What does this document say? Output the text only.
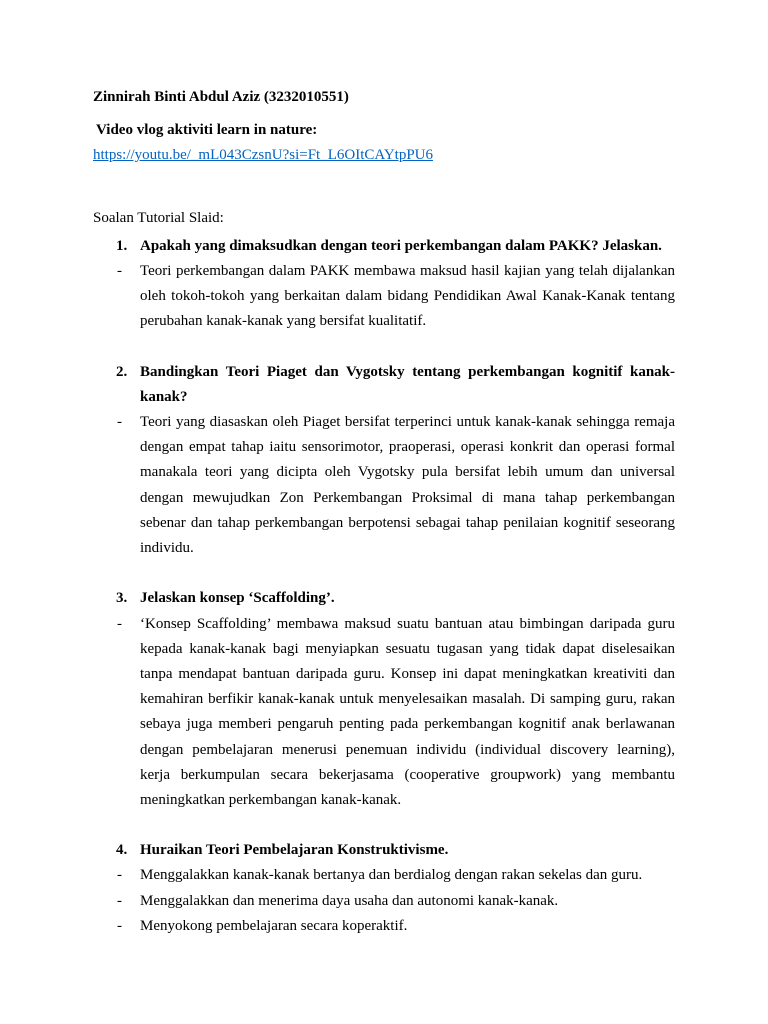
Zinnirah Binti Abdul Aziz (3232010551)
Video vlog aktiviti learn in nature:
https://youtu.be/_mL043CzsnU?si=Ft_L6OItCAYtpPU6
Soalan Tutorial Slaid:
1. Apakah yang dimaksudkan dengan teori perkembangan dalam PAKK? Jelaskan.
-	Teori perkembangan dalam PAKK membawa maksud hasil kajian yang telah dijalankan
oleh tokoh-tokoh yang berkaitan dalam bidang Pendidikan Awal Kanak-Kanak tentang
perubahan kanak-kanak yang bersifat kualitatif.
2. Bandingkan Teori Piaget dan Vygotsky tentang perkembangan kognitif kanak-
kanak?
-	Teori yang diasaskan oleh Piaget bersifat terperinci untuk kanak-kanak sehingga remaja
dengan empat tahap iaitu sensorimotor, praoperasi, operasi konkrit dan operasi formal
manakala teori yang dicipta oleh Vygotsky pula bersifat lebih umum dan universal
dengan mewujudkan Zon Perkembangan Proksimal di mana tahap perkembangan
sebenar dan tahap perkembangan berpotensi sebagai tahap penilaian kognitif seseorang
individu.
3. Jelaskan konsep ‘Scaffolding’.
-	‘Konsep Scaffolding’ membawa maksud suatu bantuan atau bimbingan daripada guru
kepada kanak-kanak bagi menyiapkan sesuatu tugasan yang tidak dapat diselesaikan
tanpa mendapat bantuan daripada guru. Konsep ini dapat meningkatkan kreativiti dan
kemahiran berfikir kanak-kanak untuk menyelesaikan masalah. Di samping guru, rakan
sebaya juga memberi pengaruh penting pada perkembangan kognitif anak berlawanan
dengan pembelajaran menerusi penemuan individu (individual discovery learning),
kerja berkumpulan secara bekerjasama (cooperative groupwork) yang membantu
meningkatkan perkembangan kanak-kanak.
4. Huraikan Teori Pembelajaran Konstruktivisme.
-	Menggalakkan kanak-kanak bertanya dan berdialog dengan rakan sekelas dan guru.
-	Menggalakkan dan menerima daya usaha dan autonomi kanak-kanak.
-	Menyokong pembelajaran secara koperaktif.
